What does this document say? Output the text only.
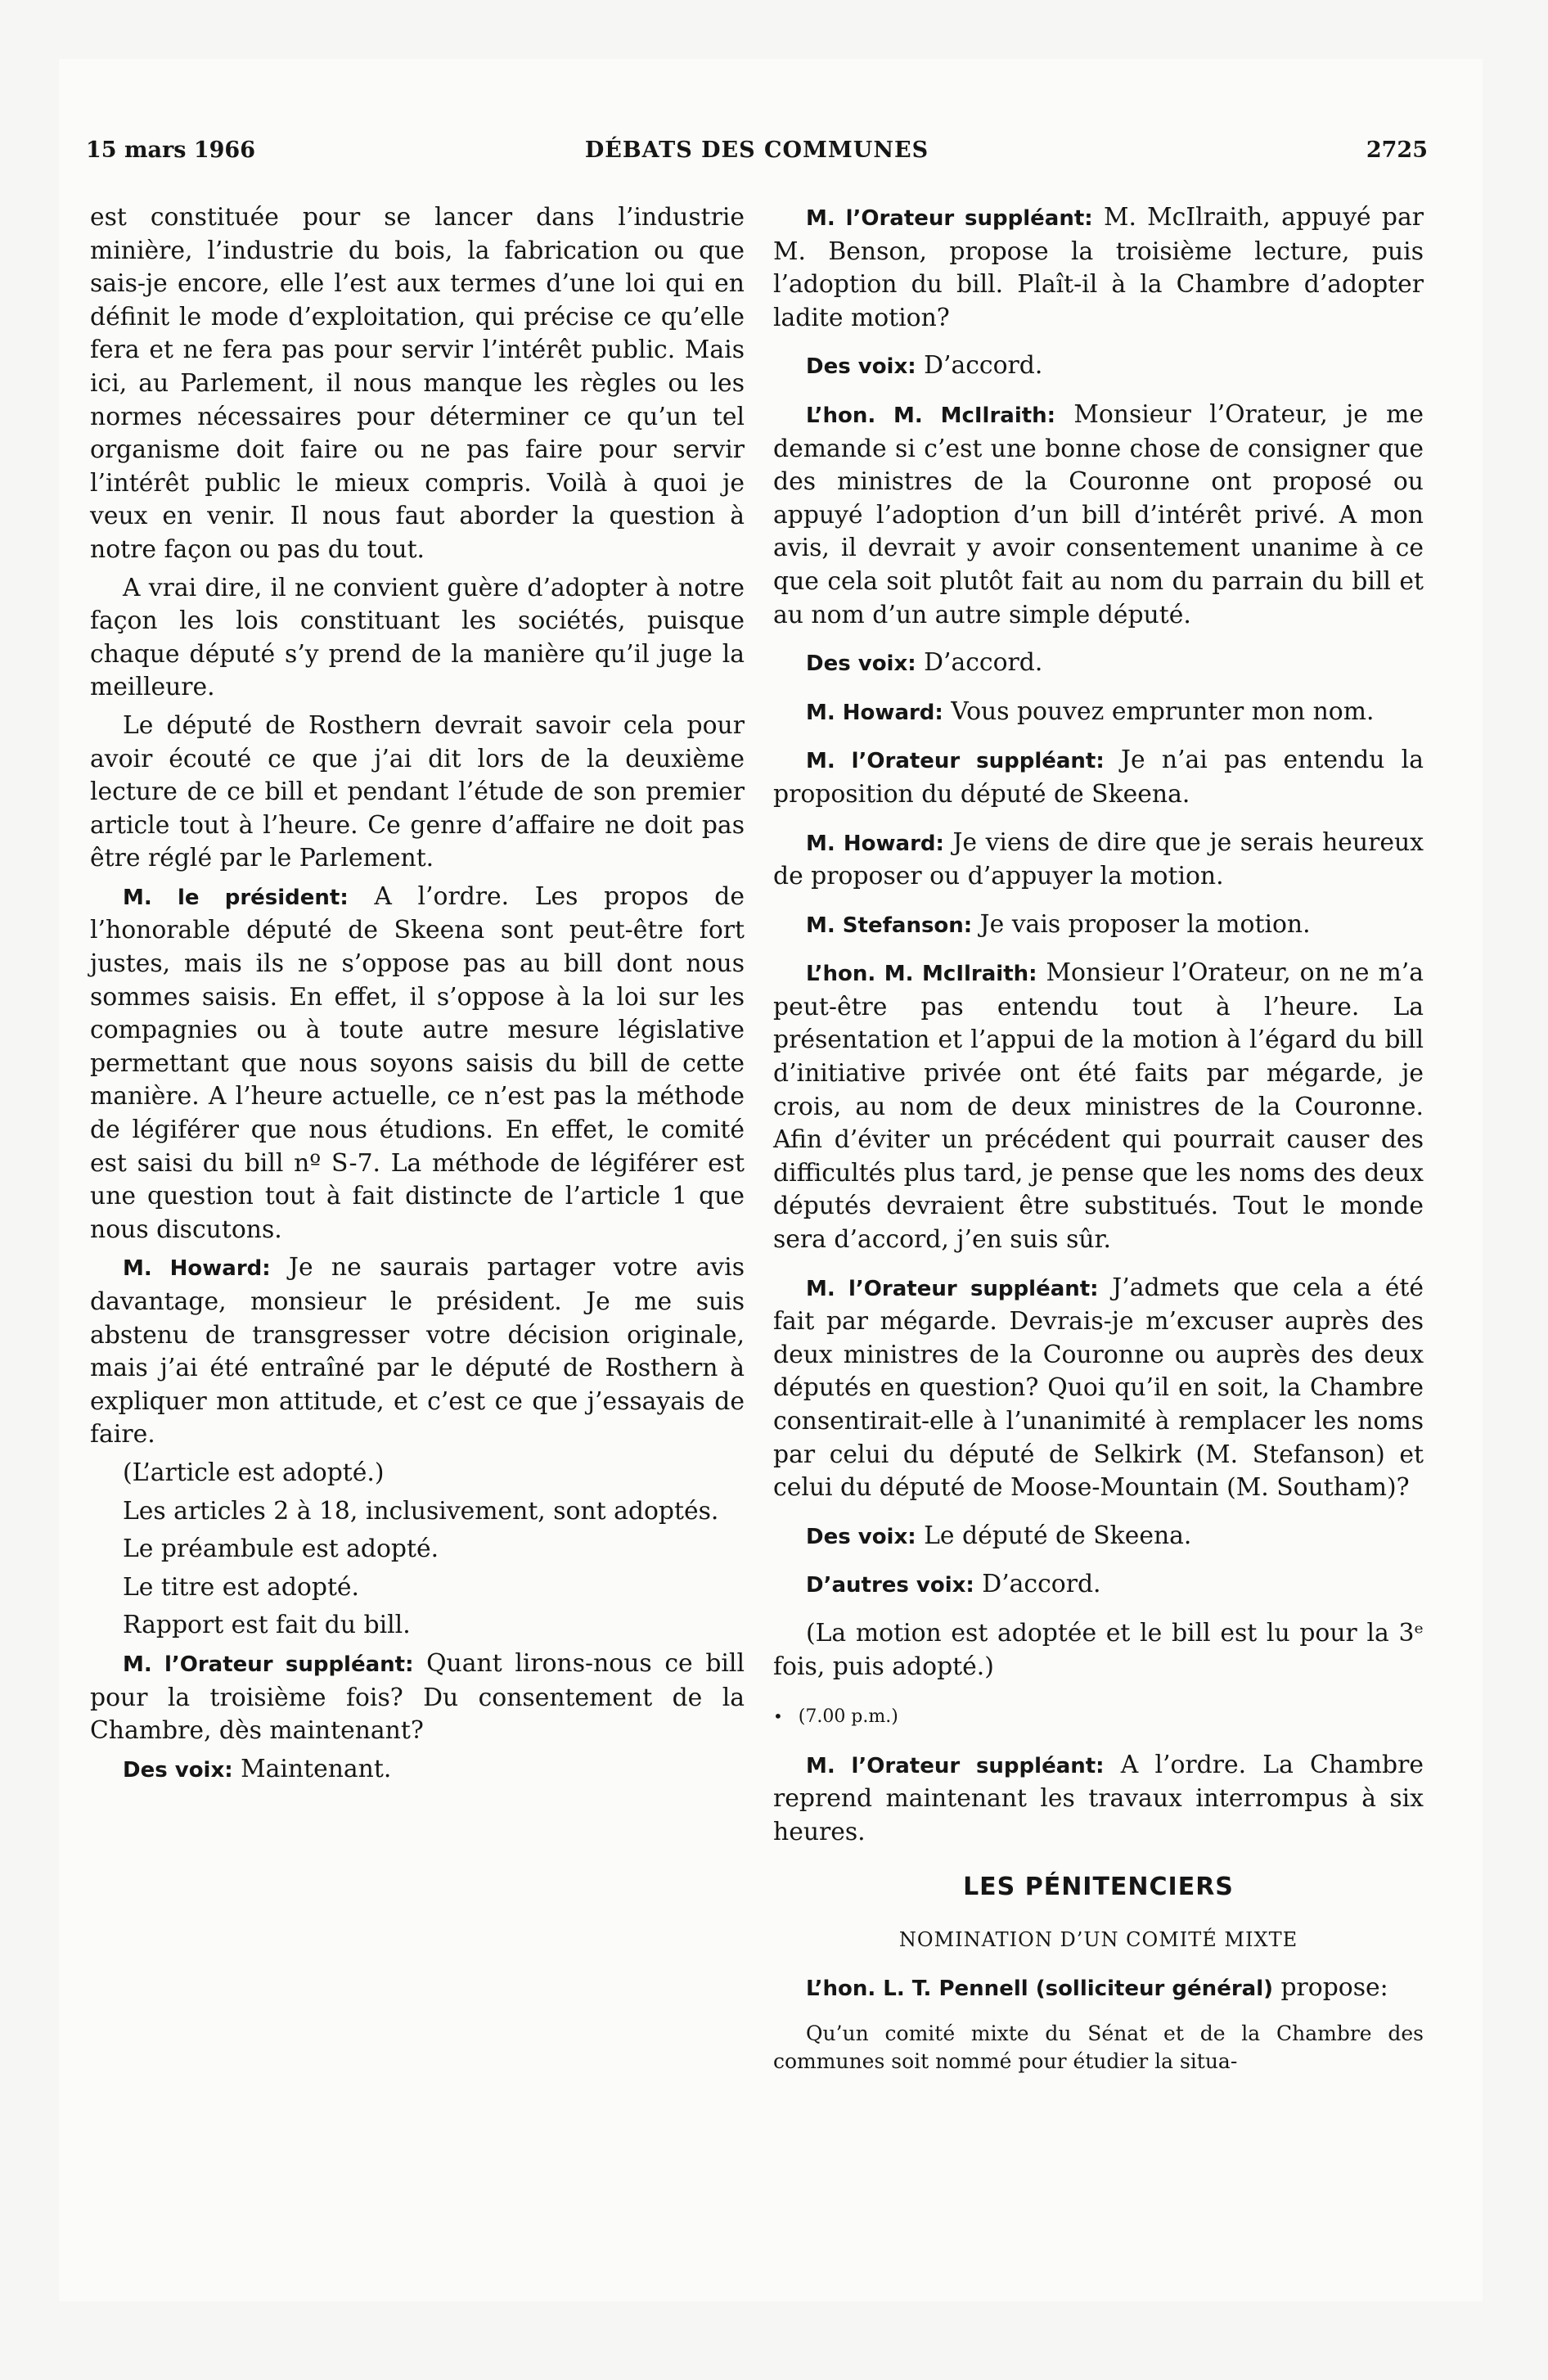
15 mars 1966	DÉBATS DES COMMUNES	2725

est constituée pour se lancer dans l’industrie minière, l’industrie du bois, la fabrication ou que sais-je encore, elle l’est aux termes d’une loi qui en définit le mode d’exploitation, qui précise ce qu’elle fera et ne fera pas pour servir l’intérêt public. Mais ici, au Parlement, il nous manque les règles ou les normes nécessaires pour déterminer ce qu’un tel organisme doit faire ou ne pas faire pour servir l’intérêt public le mieux compris. Voilà à quoi je veux en venir. Il nous faut aborder la question à notre façon ou pas du tout.

A vrai dire, il ne convient guère d’adopter à notre façon les lois constituant les sociétés, puisque chaque député s’y prend de la manière qu’il juge la meilleure.

Le député de Rosthern devrait savoir cela pour avoir écouté ce que j’ai dit lors de la deuxième lecture de ce bill et pendant l’étude de son premier article tout à l’heure. Ce genre d’affaire ne doit pas être réglé par le Parlement.

M. le président: A l’ordre. Les propos de l’honorable député de Skeena sont peut-être fort justes, mais ils ne s’oppose pas au bill dont nous sommes saisis. En effet, il s’oppose à la loi sur les compagnies ou à toute autre mesure législative permettant que nous soyons saisis du bill de cette manière. A l’heure actuelle, ce n’est pas la méthode de légiférer que nous étudions. En effet, le comité est saisi du bill nº S-7. La méthode de légiférer est une question tout à fait distincte de l’article 1 que nous discutons.

M. Howard: Je ne saurais partager votre avis davantage, monsieur le président. Je me suis abstenu de transgresser votre décision originale, mais j’ai été entraîné par le député de Rosthern à expliquer mon attitude, et c’est ce que j’essayais de faire.

(L’article est adopté.)

Les articles 2 à 18, inclusivement, sont adoptés.

Le préambule est adopté.

Le titre est adopté.

Rapport est fait du bill.

M. l’Orateur suppléant: Quant lirons-nous ce bill pour la troisième fois? Du consentement de la Chambre, dès maintenant?

Des voix: Maintenant.

M. l’Orateur suppléant: M. McIlraith, appuyé par M. Benson, propose la troisième lecture, puis l’adoption du bill. Plaît-il à la Chambre d’adopter ladite motion?

Des voix: D’accord.

L’hon. M. McIlraith: Monsieur l’Orateur, je me demande si c’est une bonne chose de consigner que des ministres de la Couronne ont proposé ou appuyé l’adoption d’un bill d’intérêt privé. A mon avis, il devrait y avoir consentement unanime à ce que cela soit plutôt fait au nom du parrain du bill et au nom d’un autre simple député.

Des voix: D’accord.

M. Howard: Vous pouvez emprunter mon nom.

M. l’Orateur suppléant: Je n’ai pas entendu la proposition du député de Skeena.

M. Howard: Je viens de dire que je serais heureux de proposer ou d’appuyer la motion.

M. Stefanson: Je vais proposer la motion.

L’hon. M. McIlraith: Monsieur l’Orateur, on ne m’a peut-être pas entendu tout à l’heure. La présentation et l’appui de la motion à l’égard du bill d’initiative privée ont été faits par mégarde, je crois, au nom de deux ministres de la Couronne. Afin d’éviter un précédent qui pourrait causer des difficultés plus tard, je pense que les noms des deux députés devraient être substitués. Tout le monde sera d’accord, j’en suis sûr.

M. l’Orateur suppléant: J’admets que cela a été fait par mégarde. Devrais-je m’excuser auprès des deux ministres de la Couronne ou auprès des deux députés en question? Quoi qu’il en soit, la Chambre consentirait-elle à l’unanimité à remplacer les noms par celui du député de Selkirk (M. Stefanson) et celui du député de Moose-Mountain (M. Southam)?

Des voix: Le député de Skeena.

D’autres voix: D’accord.

(La motion est adoptée et le bill est lu pour la 3ᵉ fois, puis adopté.)

• (7.00 p.m.)

M. l’Orateur suppléant: A l’ordre. La Chambre reprend maintenant les travaux interrompus à six heures.

LES PÉNITENCIERS
NOMINATION D’UN COMITÉ MIXTE

L’hon. L. T. Pennell (solliciteur général) propose:

Qu’un comité mixte du Sénat et de la Chambre des communes soit nommé pour étudier la situa-
